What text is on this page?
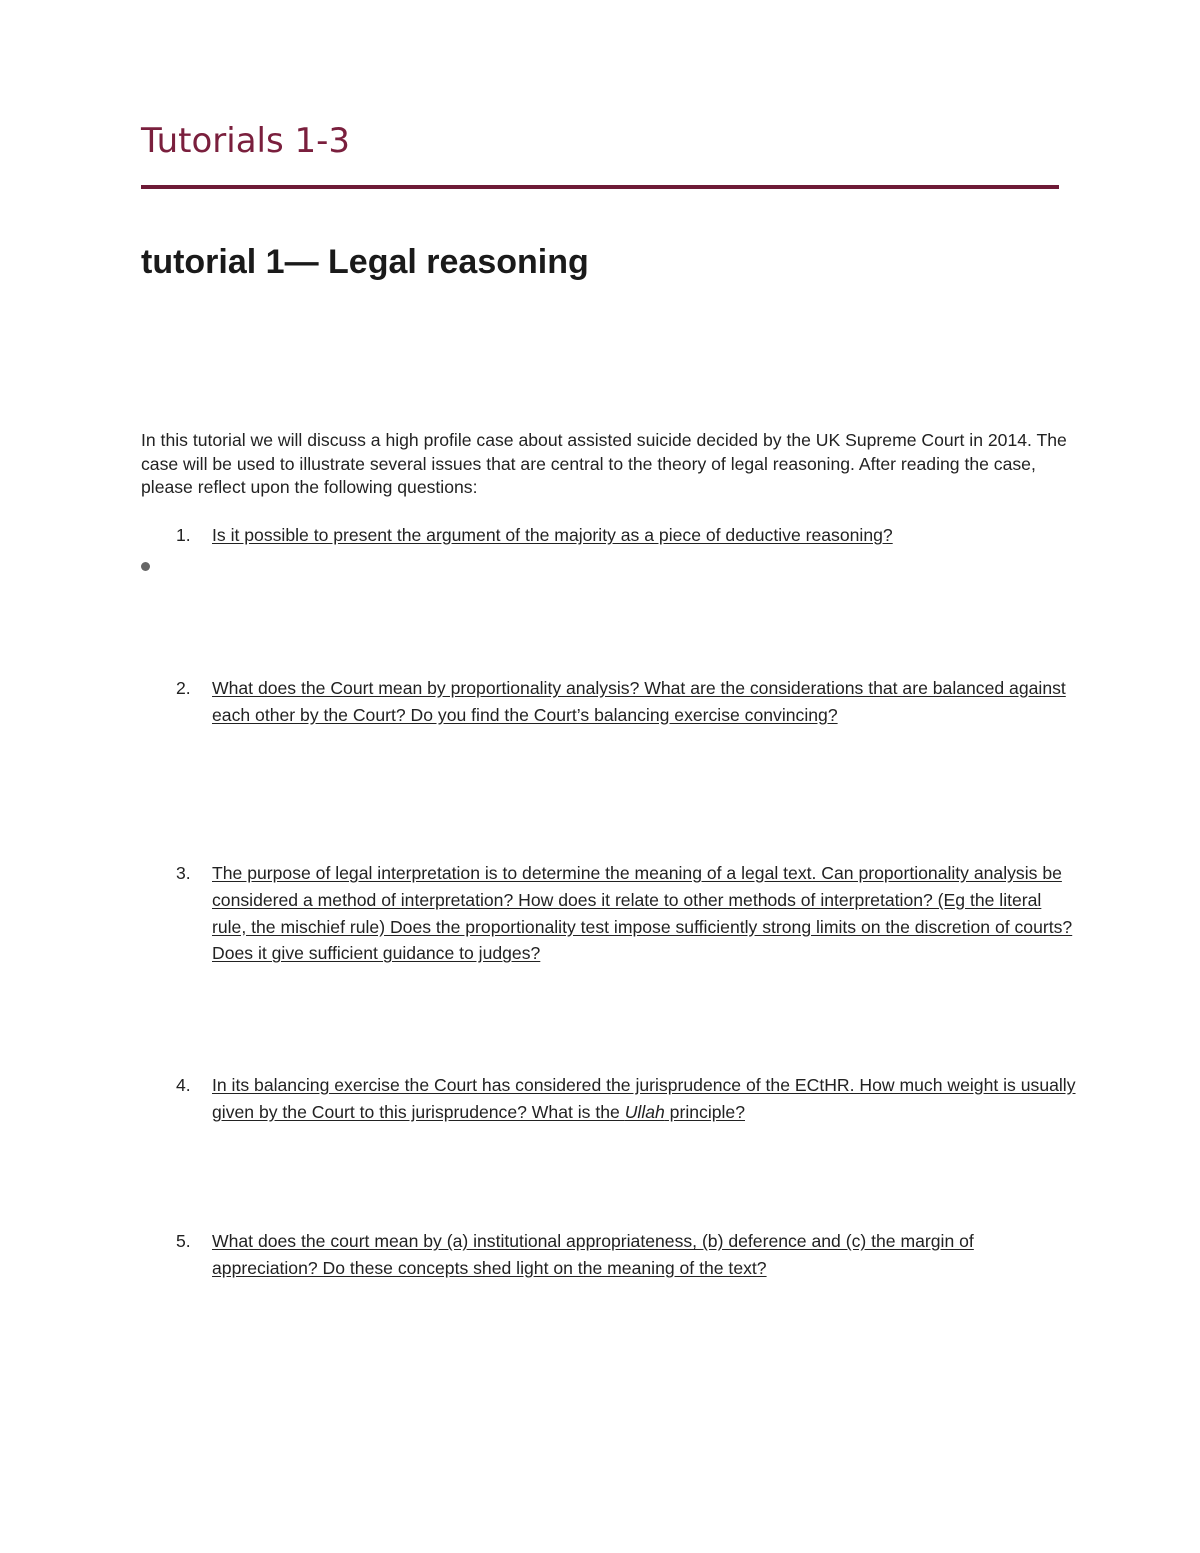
Tutorials 1-3
tutorial 1— Legal reasoning

In this tutorial we will discuss a high profile case about assisted suicide decided by the UK Supreme Court in 2014. The case will be used to illustrate several issues that are central to the theory of legal reasoning. After reading the case, please reflect upon the following questions:

1.	Is it possible to present the argument of the majority as a piece of deductive reasoning?
2.	What does the Court mean by proportionality analysis? What are the considerations that are balanced against each other by the Court? Do you find the Court’s balancing exercise convincing?
3.	The purpose of legal interpretation is to determine the meaning of a legal text. Can proportionality analysis be considered a method of interpretation? How does it relate to other methods of interpretation? (Eg the literal rule, the mischief rule) Does the proportionality test impose sufficiently strong limits on the discretion of courts? Does it give sufficient guidance to judges?
4.	In its balancing exercise the Court has considered the jurisprudence of the ECtHR. How much weight is usually given by the Court to this jurisprudence? What is the Ullah principle?
5.	What does the court mean by (a) institutional appropriateness, (b) deference and (c) the margin of appreciation? Do these concepts shed light on the meaning of the text?
